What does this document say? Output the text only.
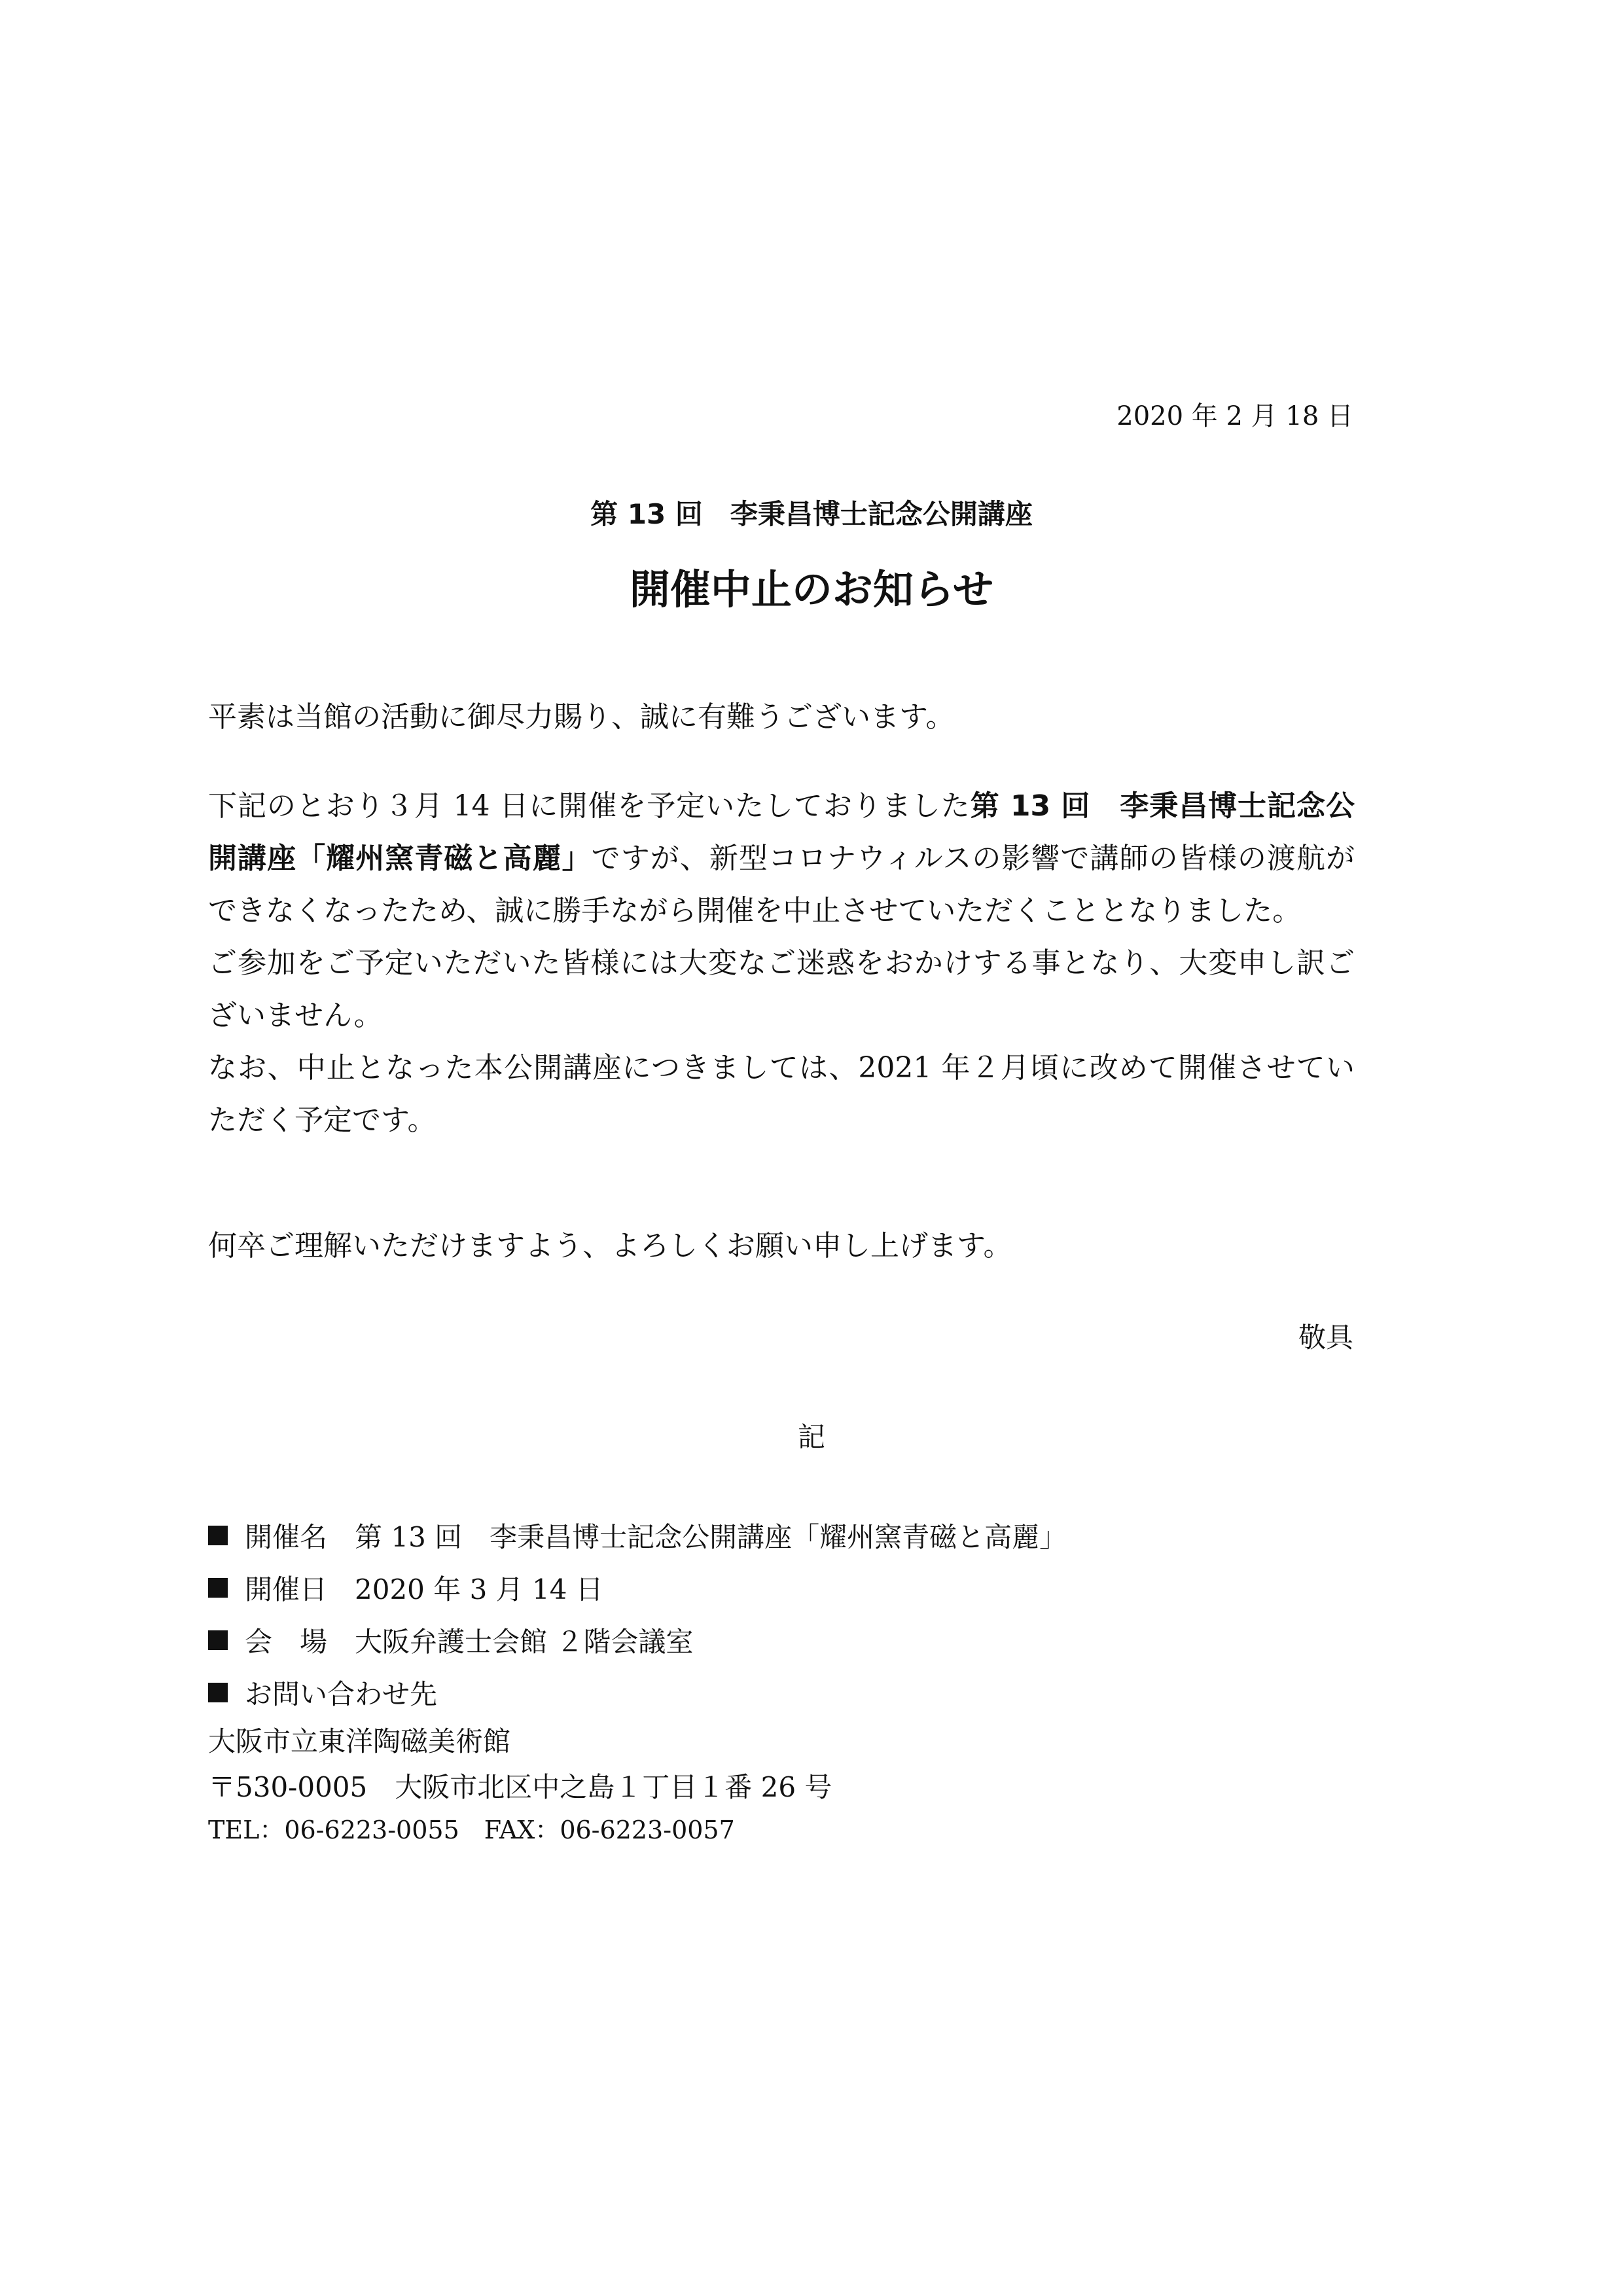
2020 年 2 月 18 日
第 13 回　李秉昌博士記念公開講座
開催中止のお知らせ
平素は当館の活動に御尽力賜り、誠に有難うございます。
下記のとおり３月 14 日に開催を予定いたしておりました第 13 回　李秉昌博士記念公開講座「耀州窯青磁と高麗」ですが、新型コロナウィルスの影響で講師の皆様の渡航ができなくなったため、誠に勝手ながら開催を中止させていただくこととなりました。
ご参加をご予定いただいた皆様には大変なご迷惑をおかけする事となり、大変申し訳ございません。
なお、中止となった本公開講座につきましては、2021 年２月頃に改めて開催させていただく予定です。
何卒ご理解いただけますよう、よろしくお願い申し上げます。
敬具
記
開催名　第 13 回　李秉昌博士記念公開講座「耀州窯青磁と高麗」
開催日　2020 年 3 月 14 日
会　場　大阪弁護士会館 ２階会議室
お問い合わせ先
大阪市立東洋陶磁美術館
〒530-0005　大阪市北区中之島１丁目１番 26 号
TEL：06-6223-0055　FAX：06-6223-0057
